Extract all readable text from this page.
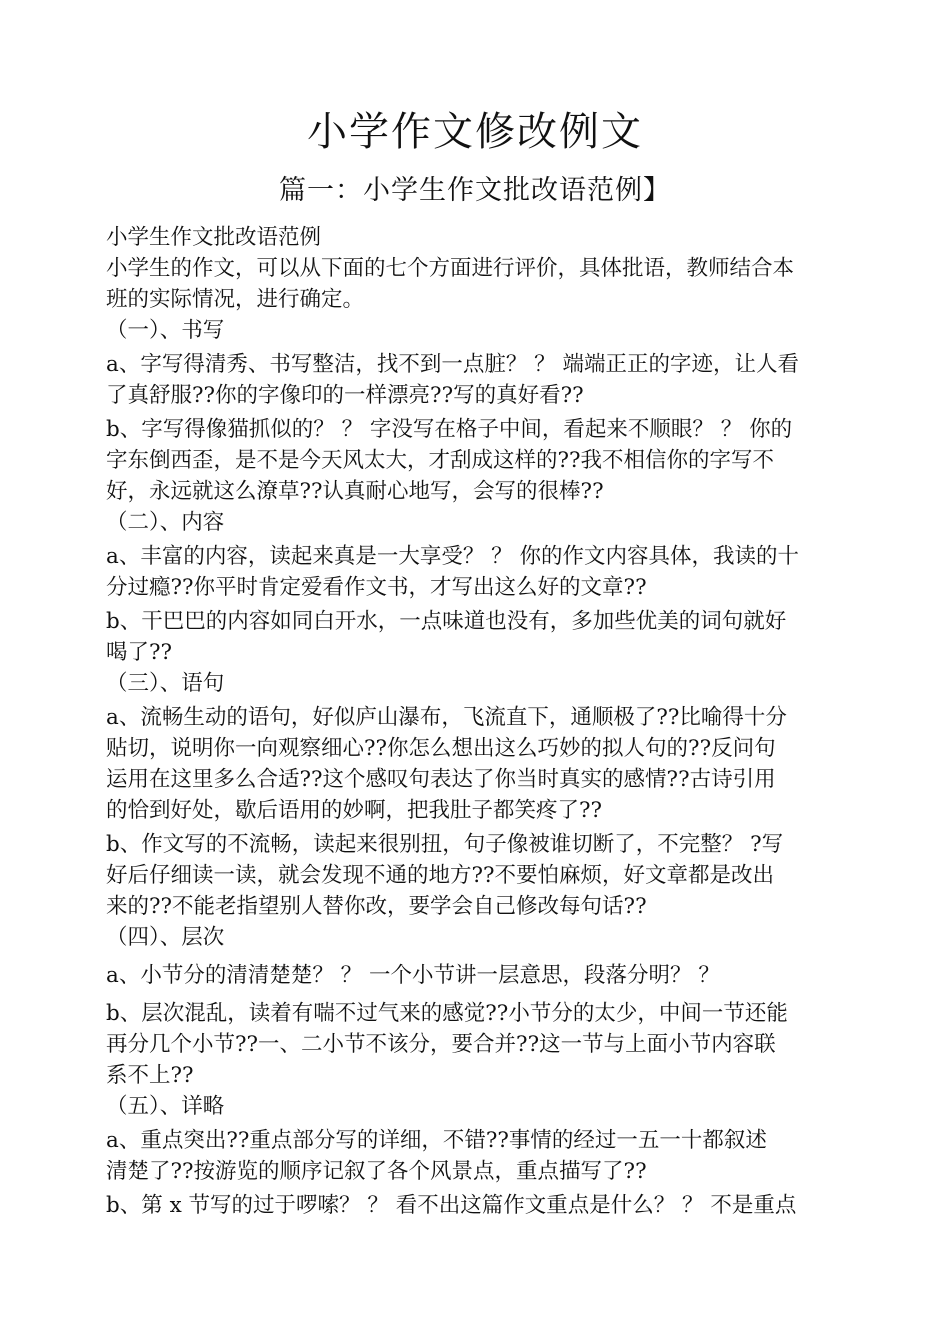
小学作文修改例文
篇一：小学生作文批改语范例】
小学生作文批改语范例
小学生的作文，可以从下面的七个方面进行评价，具体批语，教师结合本
班的实际情况，进行确定。
（一）、书写
a、字写得清秀、书写整洁，找不到一点脏？ ？ 端端正正的字迹，让人看
了真舒服??你的字像印的一样漂亮??写的真好看??
b、字写得像猫抓似的？ ？ 字没写在格子中间，看起来不顺眼？ ？ 你的
字东倒西歪，是不是今天风太大，才刮成这样的??我不相信你的字写不
好，永远就这么潦草??认真耐心地写，会写的很棒??
（二）、内容
a、丰富的内容，读起来真是一大享受？ ？ 你的作文内容具体，我读的十
分过瘾??你平时肯定爱看作文书，才写出这么好的文章??
b、干巴巴的内容如同白开水，一点味道也没有，多加些优美的词句就好
喝了??
（三）、语句
a、流畅生动的语句，好似庐山瀑布，飞流直下，通顺极了??比喻得十分
贴切，说明你一向观察细心??你怎么想出这么巧妙的拟人句的??反问句
运用在这里多么合适??这个感叹句表达了你当时真实的感情??古诗引用
的恰到好处，歇后语用的妙啊，把我肚子都笑疼了??
b、作文写的不流畅，读起来很别扭，句子像被谁切断了，不完整？ ?写
好后仔细读一读，就会发现不通的地方??不要怕麻烦，好文章都是改出
来的??不能老指望别人替你改，要学会自己修改每句话??
（四）、层次
a、小节分的清清楚楚？ ？ 一个小节讲一层意思，段落分明？ ？
b、层次混乱，读着有喘不过气来的感觉??小节分的太少，中间一节还能
再分几个小节??一、二小节不该分，要合并??这一节与上面小节内容联
系不上??
（五）、详略
a、重点突出??重点部分写的详细，不错??事情的经过一五一十都叙述
清楚了??按游览的顺序记叙了各个风景点，重点描写了??
b、第 x 节写的过于啰嗦？ ？ 看不出这篇作文重点是什么？ ？ 不是重点
